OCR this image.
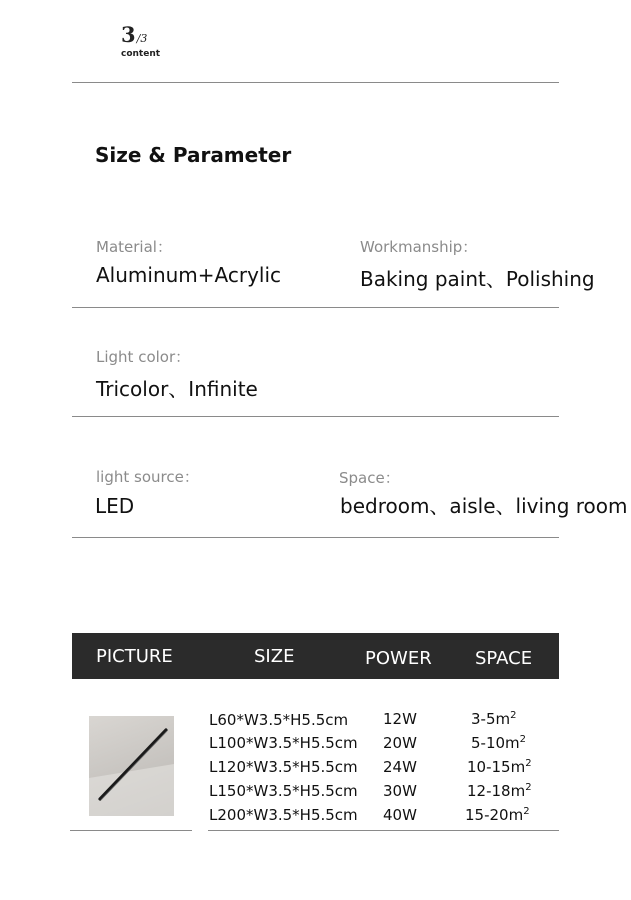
3/3
content
Size & Parameter
Material：
Aluminum+Acrylic
Workmanship：
Baking paint、Polishing
Light color：
Tricolor、Infinite
light source：
LED
Space：
bedroom、aisle、living room
PICTURE	SIZE	POWER SPACE
L60*W3.5*H5.5cm 12W	$3-5m^2$
L100*W3.5*H5.5cm 20W	$5-10m^2$
L120*W3.5*H5.5cm 24W	$10-15m^2$
L150*W3.5*H5.5cm 30W	$12-18m^2$
L200*W3.5*H5.5cm 40W	$15-20m^2$
